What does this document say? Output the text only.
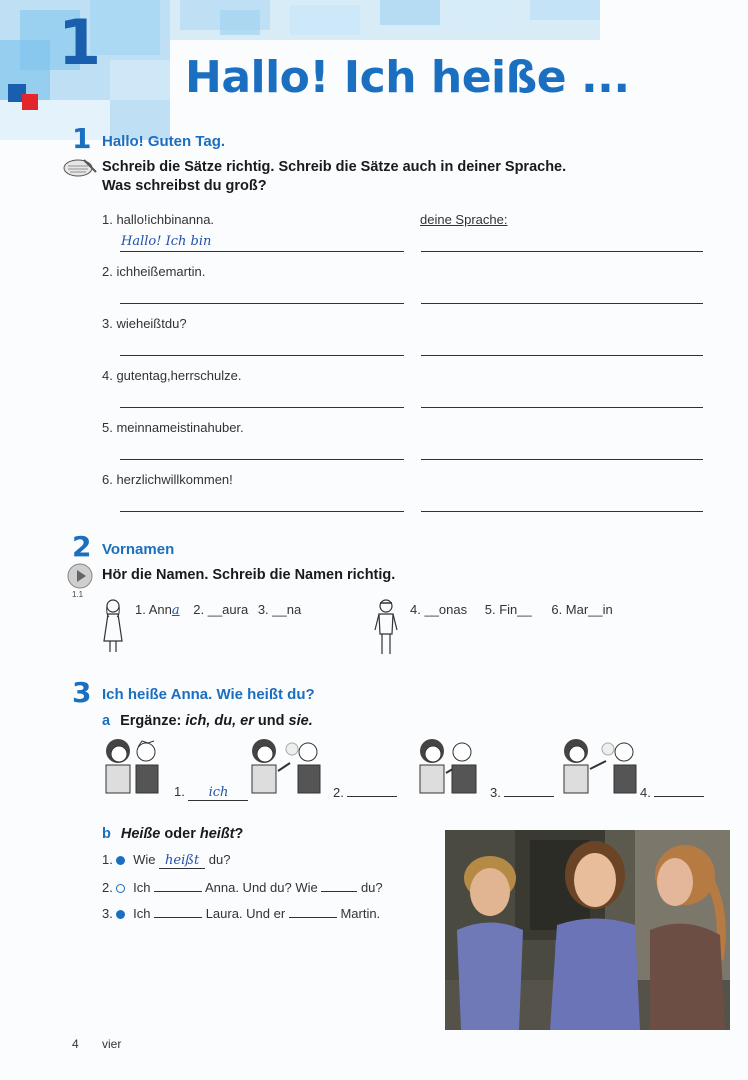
1 Hallo! Ich heiße ...
1 Hallo! Guten Tag.
Schreib die Sätze richtig. Schreib die Sätze auch in deiner Sprache.
Was schreibst du groß?
deine Sprache:
1. hallo!ichbinanna.
Hallo! Ich bin
2. ichheißemartin.
3. wieheißtdu?
4. gutentag,herrschulze.
5. meinnameistinahuber.
6. herzlichwillkommen!
2 Vornamen
1.1
Hör die Namen. Schreib die Namen richtig.
1. Anna 2. __aura 3. __na	4. __onas 5. Fin__ 6. Mar__in
3 Ich heiße Anna. Wie heißt du?
a Ergänze: ich, du, er und sie.
1. ich	2.	3.	4.
b Heiße oder heißt?
1. Wie heißt du?
2. Ich	Anna. Und du? Wie	du?
3. Ich	Laura. Und er	Martin.
4 vier
